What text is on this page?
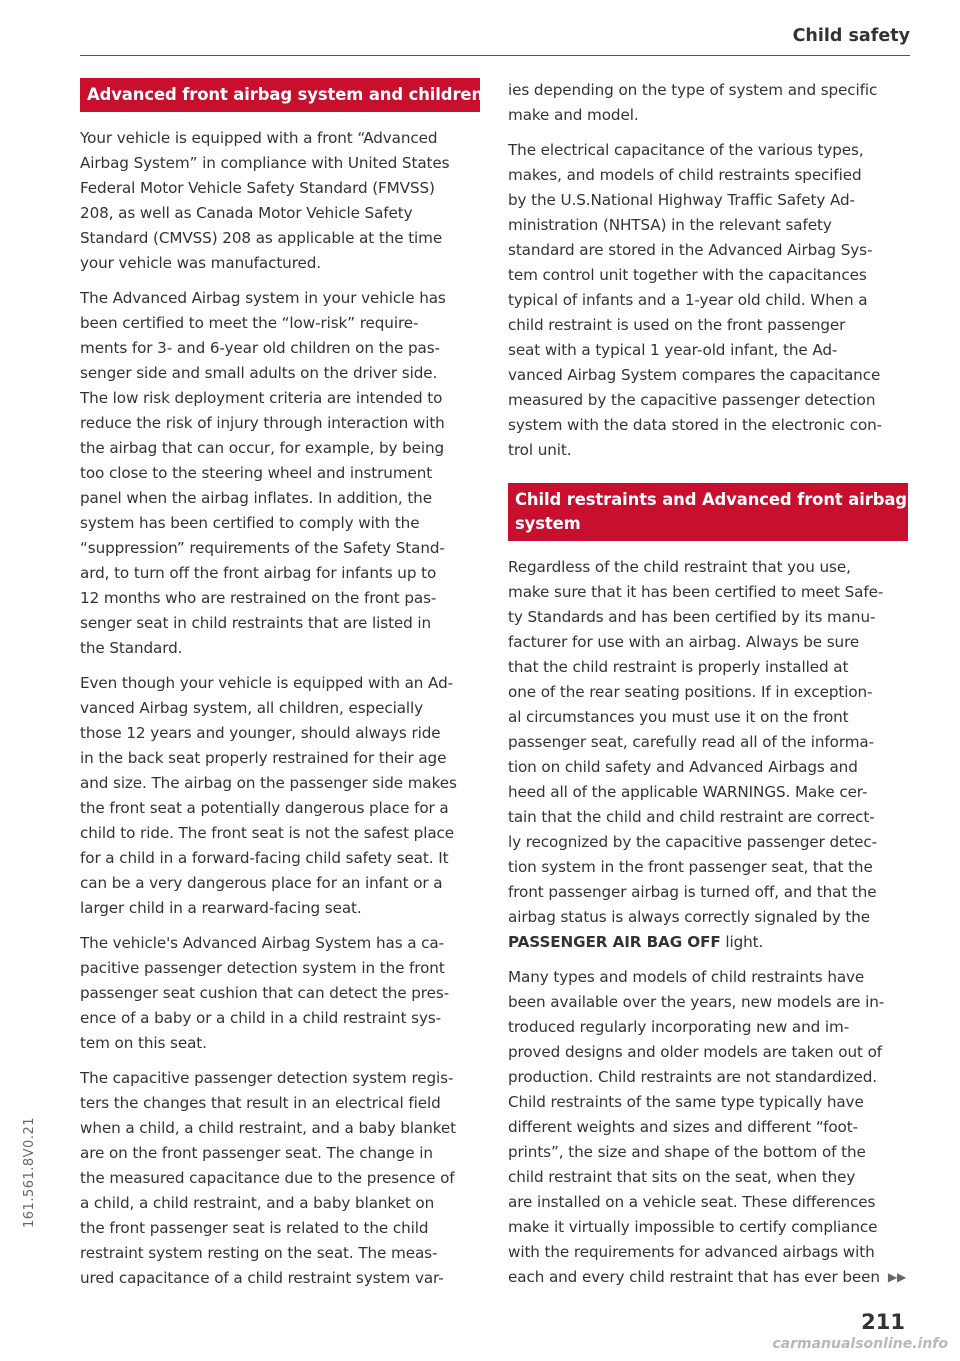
Child safety
Advanced front airbag system and children

Your vehicle is equipped with a front “Advanced
Airbag System” in compliance with United States
Federal Motor Vehicle Safety Standard (FMVSS)
208, as well as Canada Motor Vehicle Safety
Standard (CMVSS) 208 as applicable at the time
your vehicle was manufactured.

The Advanced Airbag system in your vehicle has
been certified to meet the “low-risk” require-
ments for 3- and 6-year old children on the pas-
senger side and small adults on the driver side.
The low risk deployment criteria are intended to
reduce the risk of injury through interaction with
the airbag that can occur, for example, by being
too close to the steering wheel and instrument
panel when the airbag inflates. In addition, the
system has been certified to comply with the
“suppression” requirements of the Safety Stand-
ard, to turn off the front airbag for infants up to
12 months who are restrained on the front pas-
senger seat in child restraints that are listed in
the Standard.

Even though your vehicle is equipped with an Ad-
vanced Airbag system, all children, especially
those 12 years and younger, should always ride
in the back seat properly restrained for their age
and size. The airbag on the passenger side makes
the front seat a potentially dangerous place for a
child to ride. The front seat is not the safest place
for a child in a forward-facing child safety seat. It
can be a very dangerous place for an infant or a
larger child in a rearward-facing seat.

The vehicle's Advanced Airbag System has a ca-
pacitive passenger detection system in the front
passenger seat cushion that can detect the pres-
ence of a baby or a child in a child restraint sys-
tem on this seat.

The capacitive passenger detection system regis-
ters the changes that result in an electrical field
when a child, a child restraint, and a baby blanket
are on the front passenger seat. The change in
the measured capacitance due to the presence of
a child, a child restraint, and a baby blanket on
the front passenger seat is related to the child
restraint system resting on the seat. The meas-
ured capacitance of a child restraint system var-

ies depending on the type of system and specific
make and model.

The electrical capacitance of the various types,
makes, and models of child restraints specified
by the U.S.National Highway Traffic Safety Ad-
ministration (NHTSA) in the relevant safety
standard are stored in the Advanced Airbag Sys-
tem control unit together with the capacitances
typical of infants and a 1-year old child. When a
child restraint is used on the front passenger
seat with a typical 1 year-old infant, the Ad-
vanced Airbag System compares the capacitance
measured by the capacitive passenger detection
system with the data stored in the electronic con-
trol unit.

Child restraints and Advanced front airbag
system

Regardless of the child restraint that you use,
make sure that it has been certified to meet Safe-
ty Standards and has been certified by its manu-
facturer for use with an airbag. Always be sure
that the child restraint is properly installed at
one of the rear seating positions. If in exception-
al circumstances you must use it on the front
passenger seat, carefully read all of the informa-
tion on child safety and Advanced Airbags and
heed all of the applicable WARNINGS. Make cer-
tain that the child and child restraint are correct-
ly recognized by the capacitive passenger detec-
tion system in the front passenger seat, that the
front passenger airbag is turned off, and that the
airbag status is always correctly signaled by the
PASSENGER AIR BAG OFF light.

Many types and models of child restraints have
been available over the years, new models are in-
troduced regularly incorporating new and im-
proved designs and older models are taken out of
production. Child restraints are not standardized.
Child restraints of the same type typically have
different weights and sizes and different “foot-
prints”, the size and shape of the bottom of the
child restraint that sits on the seat, when they
are installed on a vehicle seat. These differences
make it virtually impossible to certify compliance
with the requirements for advanced airbags with
each and every child restraint that has ever been ▶▶

211
161.561.8V0.21
carmanualsonline.info
